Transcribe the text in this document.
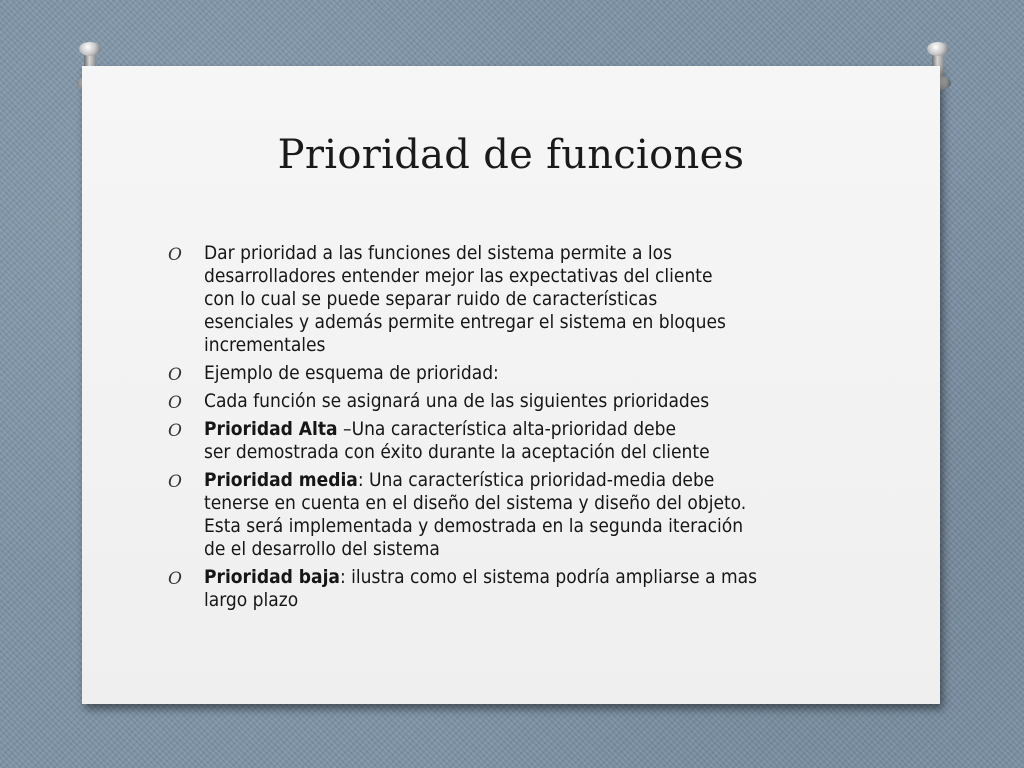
Prioridad de funciones
O Dar prioridad a las funciones del sistema permite a los
desarrolladores entender mejor las expectativas del cliente
con lo cual se puede separar ruido de características
esenciales y además permite entregar el sistema en bloques
incrementales
O Ejemplo de esquema de prioridad:
O Cada función se asignará una de las siguientes prioridades
O Prioridad Alta –Una característica alta-prioridad debe
ser demostrada con éxito durante la aceptación del cliente
O Prioridad media: Una característica prioridad-media debe
tenerse en cuenta en el diseño del sistema y diseño del objeto.
Esta será implementada y demostrada en la segunda iteración
de el desarrollo del sistema
O Prioridad baja: ilustra como el sistema podría ampliarse a mas
largo plazo
